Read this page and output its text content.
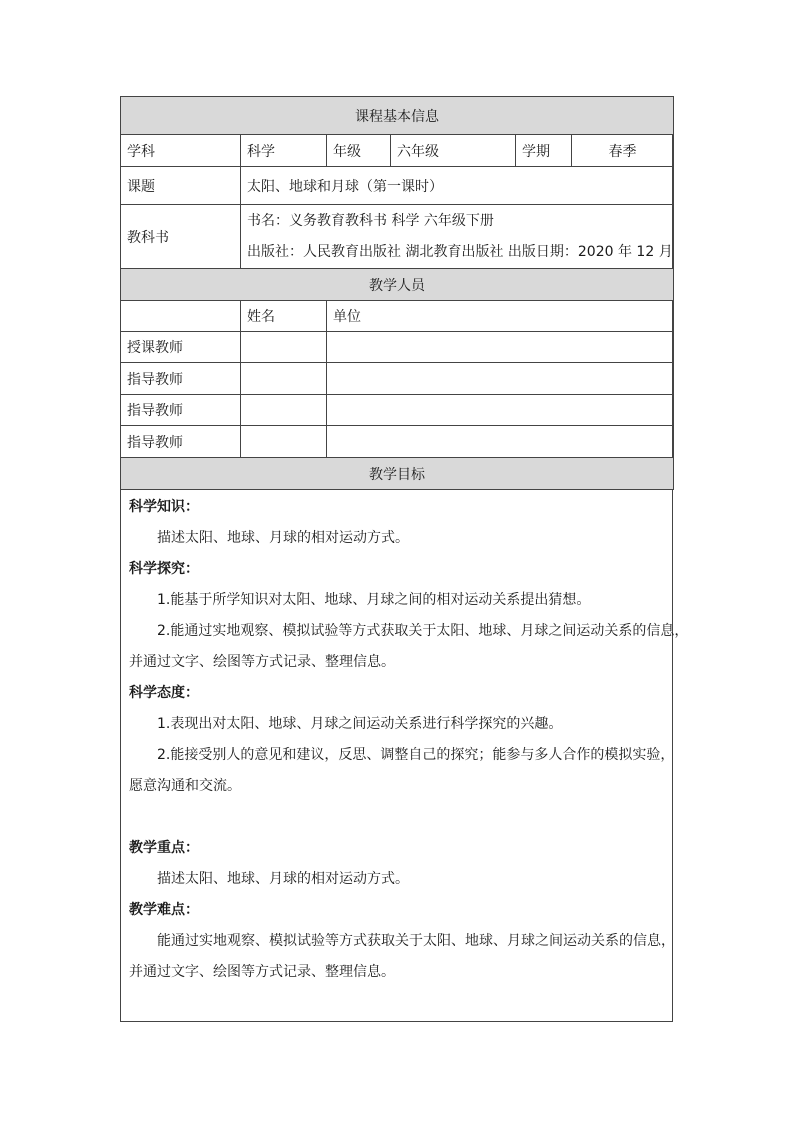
课程基本信息					
学科	科学	年级	六年级	学期	春季
课题	太阳、地球和月球（第一课时）				
教科书	书名：义务教育教科书 科学 六年级下册
出版社：人民教育出版社 湖北教育出版社 出版日期：2020 年 12 月				

教学人员					
	姓名	单位			
授课教师					
指导教师					
指导教师					
指导教师					
教学目标					

科学知识：

描述太阳、地球、月球的相对运动方式。

科学探究：

1.能基于所学知识对太阳、地球、月球之间的相对运动关系提出猜想。

2.能通过实地观察、模拟试验等方式获取关于太阳、地球、月球之间运动关系的信息，

并通过文字、绘图等方式记录、整理信息。

科学态度：

1.表现出对太阳、地球、月球之间运动关系进行科学探究的兴趣。

2.能接受别人的意见和建议，反思、调整自己的探究；能参与多人合作的模拟实验，

愿意沟通和交流。

教学重点：

描述太阳、地球、月球的相对运动方式。

教学难点：

能通过实地观察、模拟试验等方式获取关于太阳、地球、月球之间运动关系的信息，

并通过文字、绘图等方式记录、整理信息。
